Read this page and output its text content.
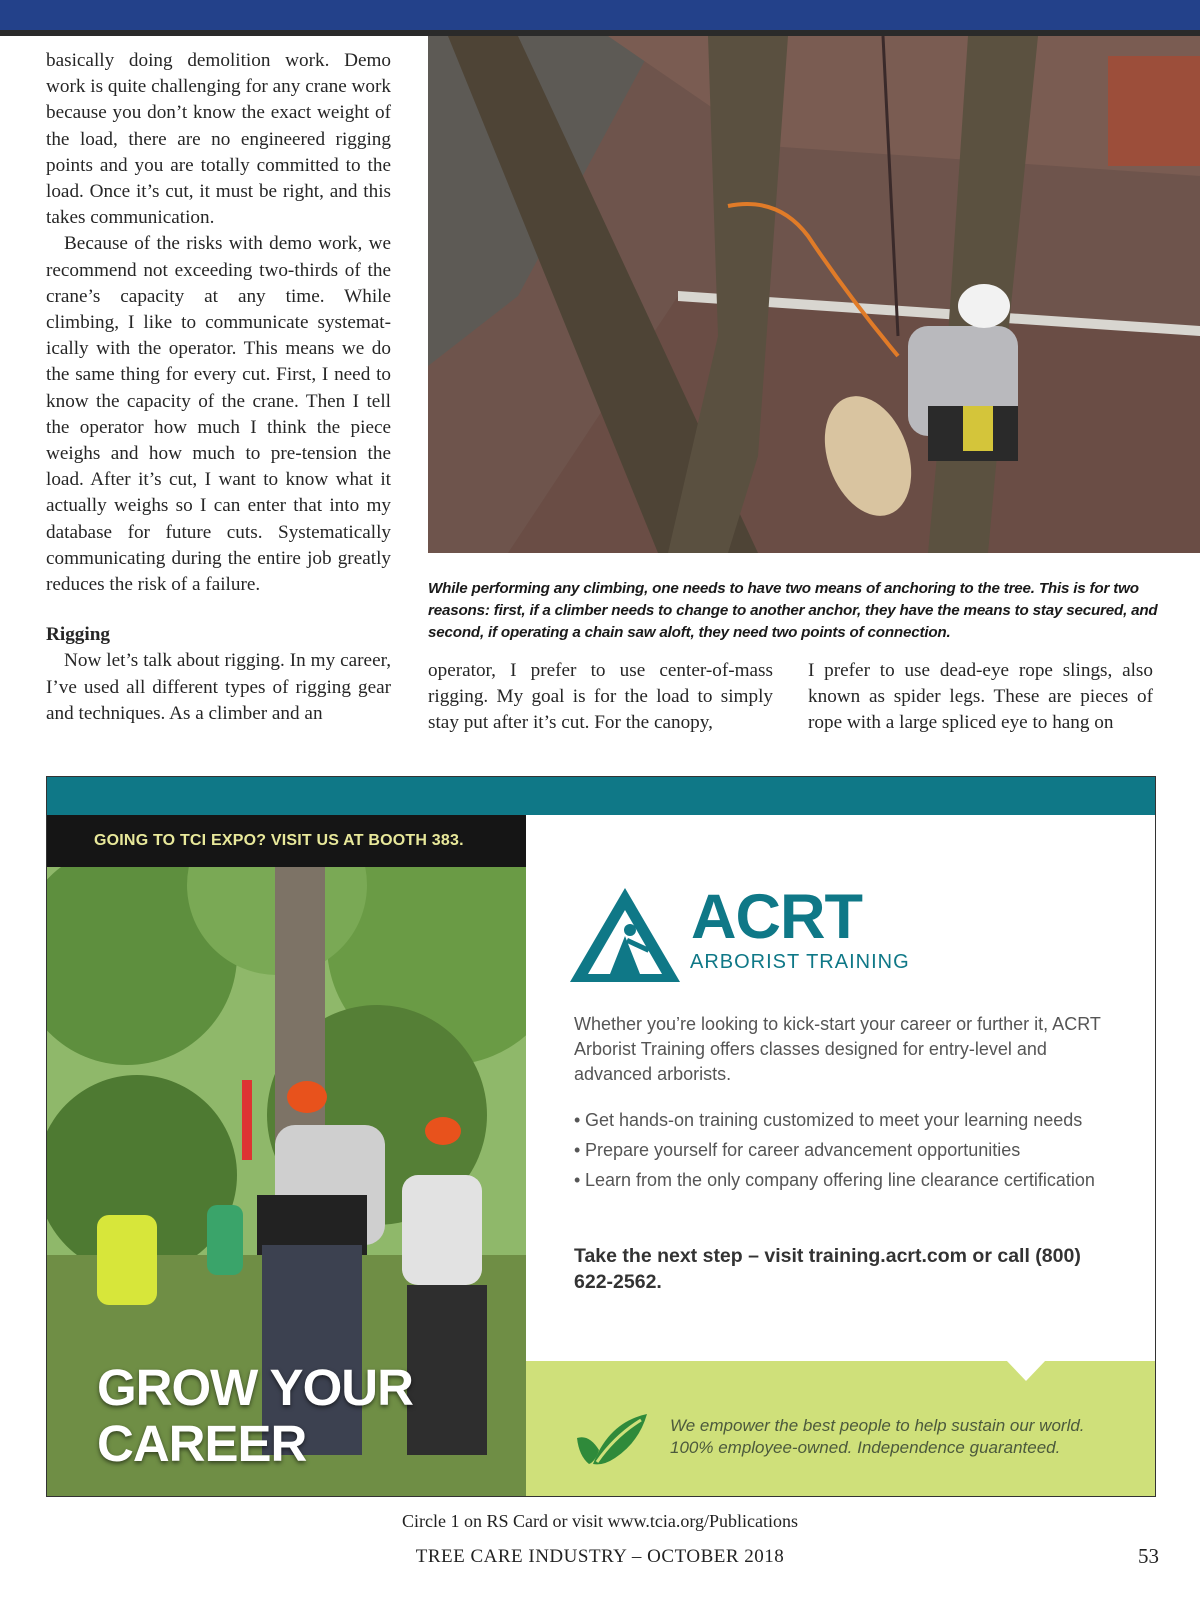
basically doing demolition work. Demo work is quite challenging for any crane work because you don’t know the exact weight of the load, there are no engineered rigging points and you are totally committed to the load. Once it’s cut, it must be right, and this takes communication.

Because of the risks with demo work, we recommend not exceeding two-thirds of the crane’s capacity at any time. While climbing, I like to communicate systematically with the operator. This means we do the same thing for every cut. First, I need to know the capacity of the crane. Then I tell the operator how much I think the piece weighs and how much to pre-tension the load. After it’s cut, I want to know what it actually weighs so I can enter that into my database for future cuts. Systematically communicating during the entire job greatly reduces the risk of a failure.

Rigging

Now let’s talk about rigging. In my career, I’ve used all different types of rigging gear and techniques. As a climber and an

While performing any climbing, one needs to have two means of anchoring to the tree. This is for two reasons: first, if a climber needs to change to another anchor, they have the means to stay secured, and second, if operating a chain saw aloft, they need two points of connection.

operator, I prefer to use center-of-mass rigging. My goal is for the load to simply stay put after it’s cut. For the canopy,

I prefer to use dead-eye rope slings, also known as spider legs. These are pieces of rope with a large spliced eye to hang on

GOING TO TCI EXPO? VISIT US AT BOOTH 383.
GROW YOUR
CAREER
ACRT
ARBORIST TRAINING
Whether you’re looking to kick-start your career or further it, ACRT Arborist Training offers classes designed for entry-level and advanced arborists.
• Get hands-on training customized to meet your learning needs
• Prepare yourself for career advancement opportunities
• Learn from the only company offering line clearance certification
Take the next step – visit training.acrt.com or call (800) 622-2562.
We empower the best people to help sustain our world.
100% employee-owned. Independence guaranteed.
Circle 1 on RS Card or visit www.tcia.org/Publications
TREE CARE INDUSTRY – OCTOBER 2018	53
